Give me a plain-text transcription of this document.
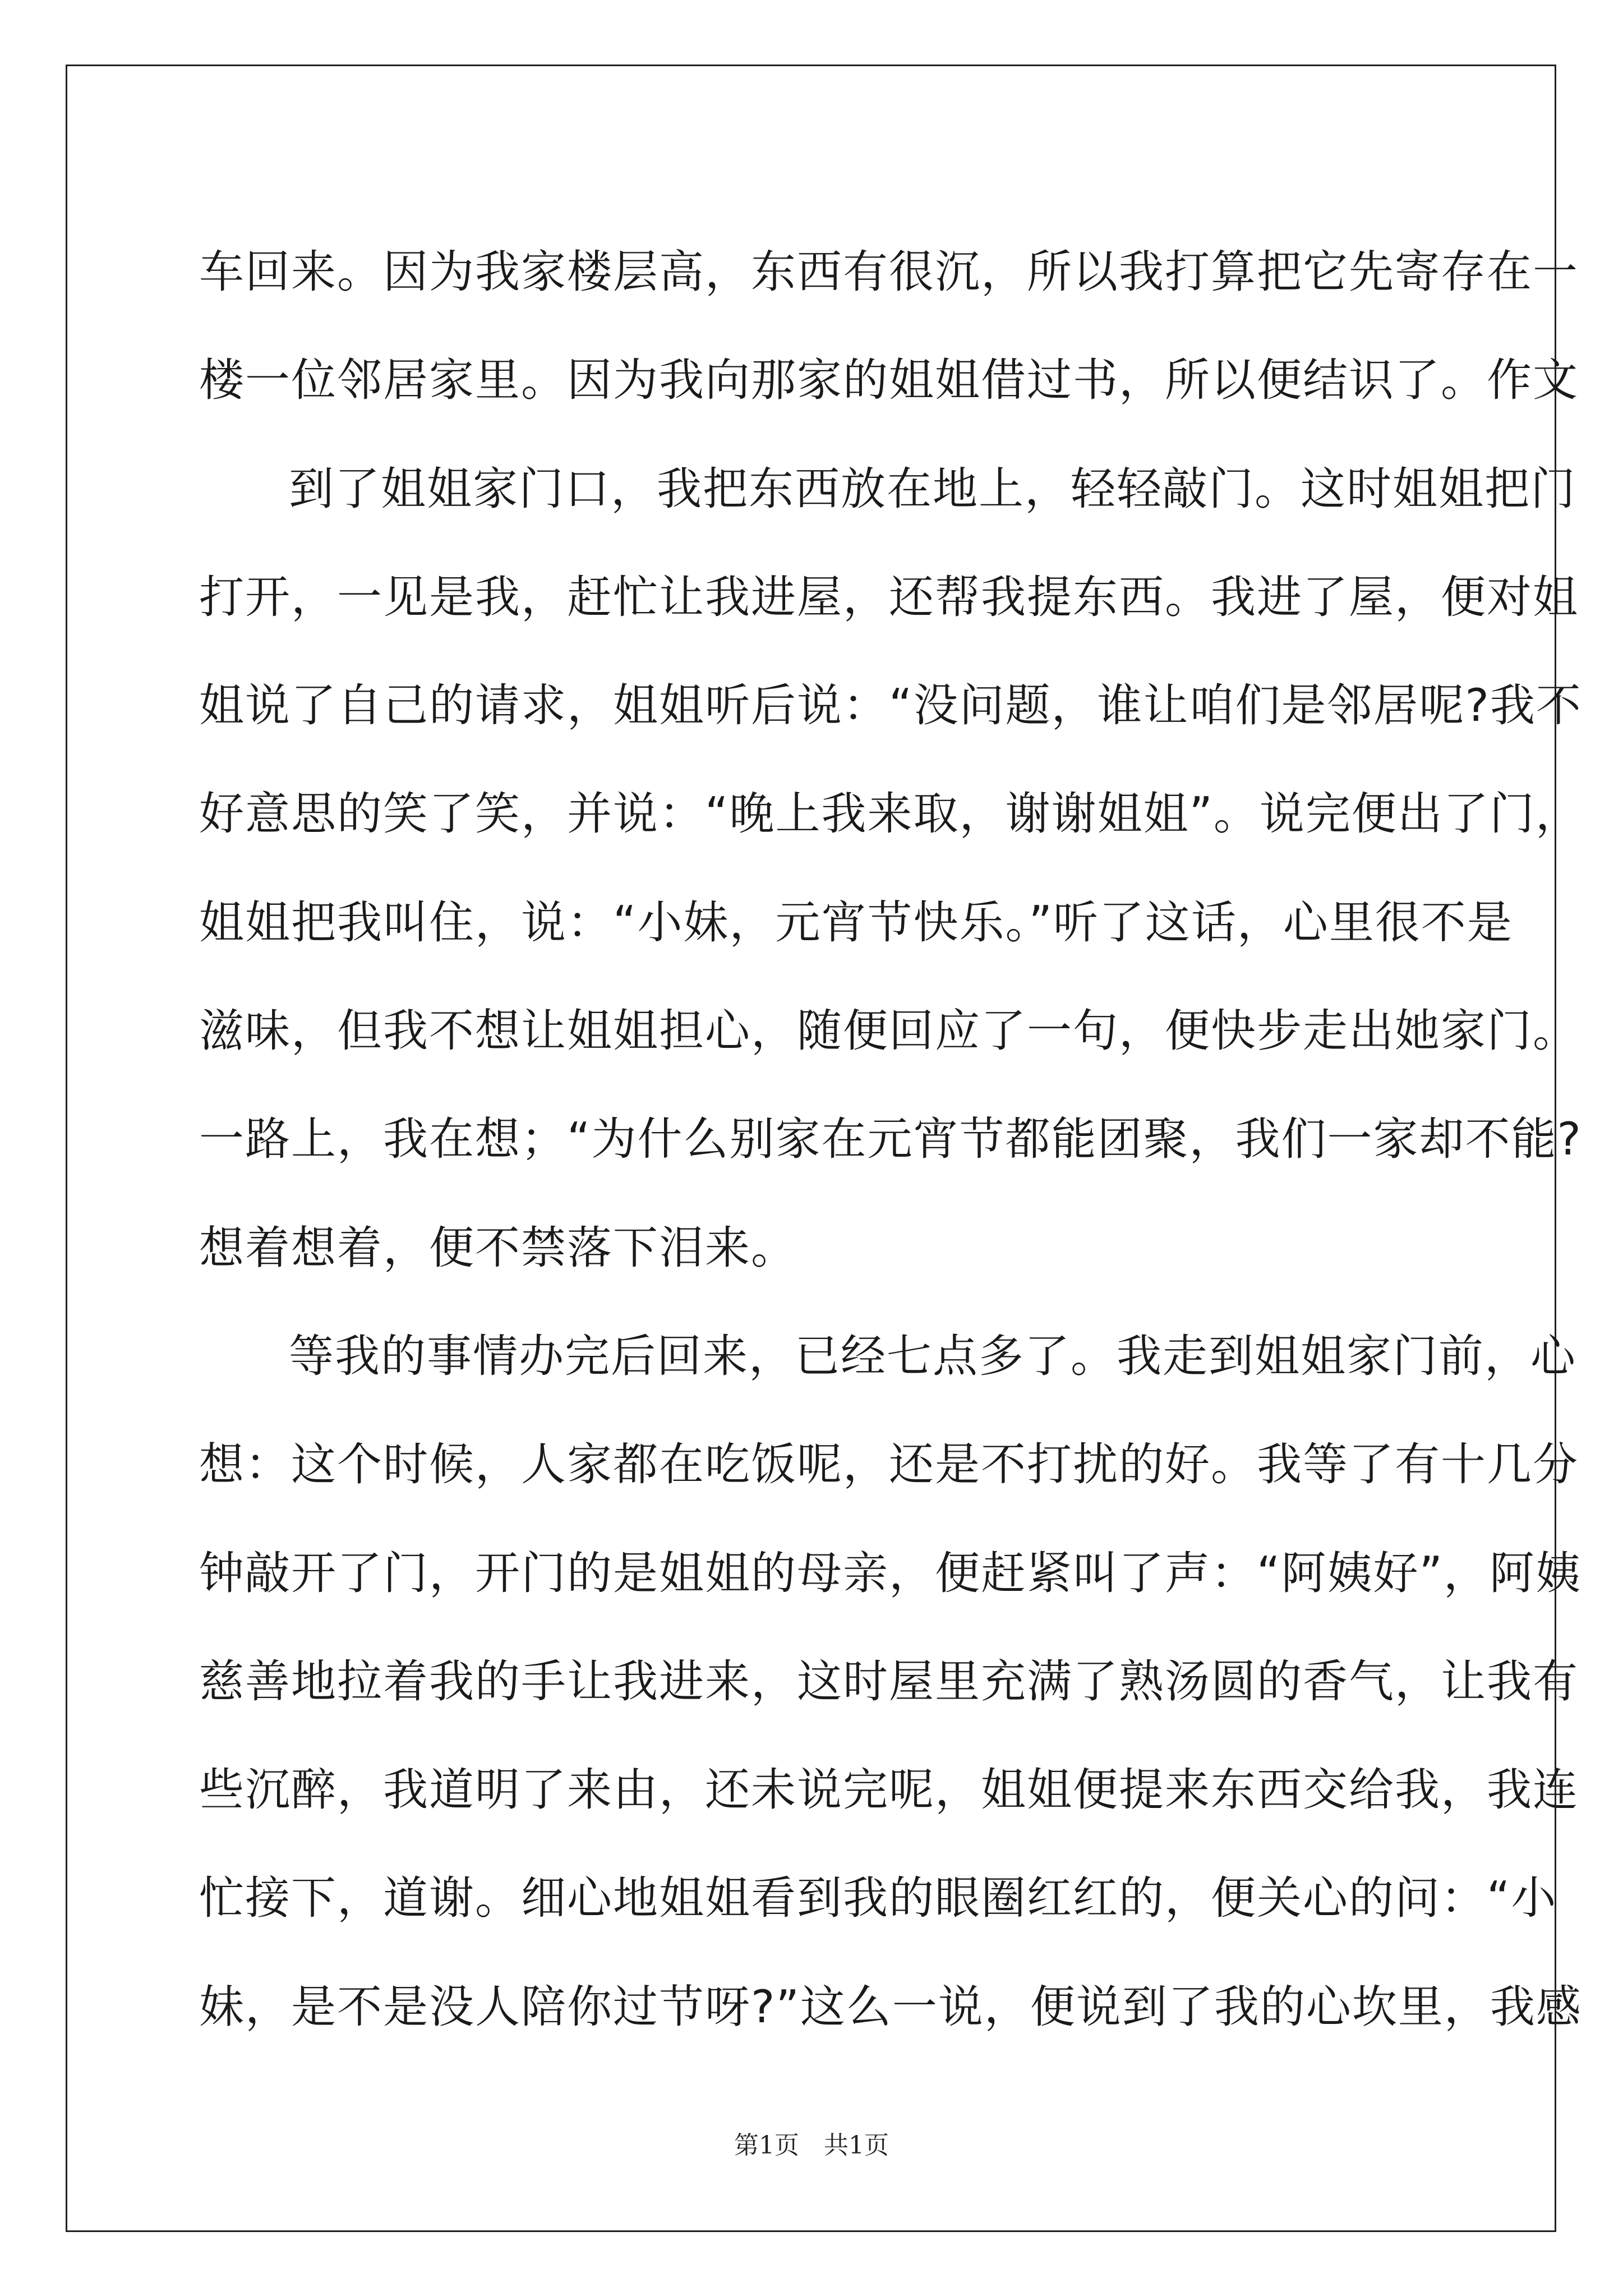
车回来。因为我家楼层高，东西有很沉，所以我打算把它先寄存在一
楼一位邻居家里。因为我向那家的姐姐借过书，所以便结识了。作文
到了姐姐家门口，我把东西放在地上，轻轻敲门。这时姐姐把门
打开，一见是我，赶忙让我进屋，还帮我提东西。我进了屋，便对姐
姐说了自己的请求，姐姐听后说：“没问题，谁让咱们是邻居呢?我不
好意思的笑了笑，并说：“晚上我来取，谢谢姐姐”。说完便出了门，
姐姐把我叫住，说：“小妹，元宵节快乐。”听了这话，心里很不是
滋味，但我不想让姐姐担心，随便回应了一句，便快步走出她家门。
一路上，我在想；“为什么别家在元宵节都能团聚，我们一家却不能?
想着想着，便不禁落下泪来。
等我的事情办完后回来，已经七点多了。我走到姐姐家门前，心
想：这个时候，人家都在吃饭呢，还是不打扰的好。我等了有十几分
钟敲开了门，开门的是姐姐的母亲，便赶紧叫了声：“阿姨好”，阿姨
慈善地拉着我的手让我进来，这时屋里充满了熟汤圆的香气，让我有
些沉醉，我道明了来由，还未说完呢，姐姐便提来东西交给我，我连
忙接下，道谢。细心地姐姐看到我的眼圈红红的，便关心的问：“小
妹，是不是没人陪你过节呀?”这么一说，便说到了我的心坎里，我感
第1页　共1页
